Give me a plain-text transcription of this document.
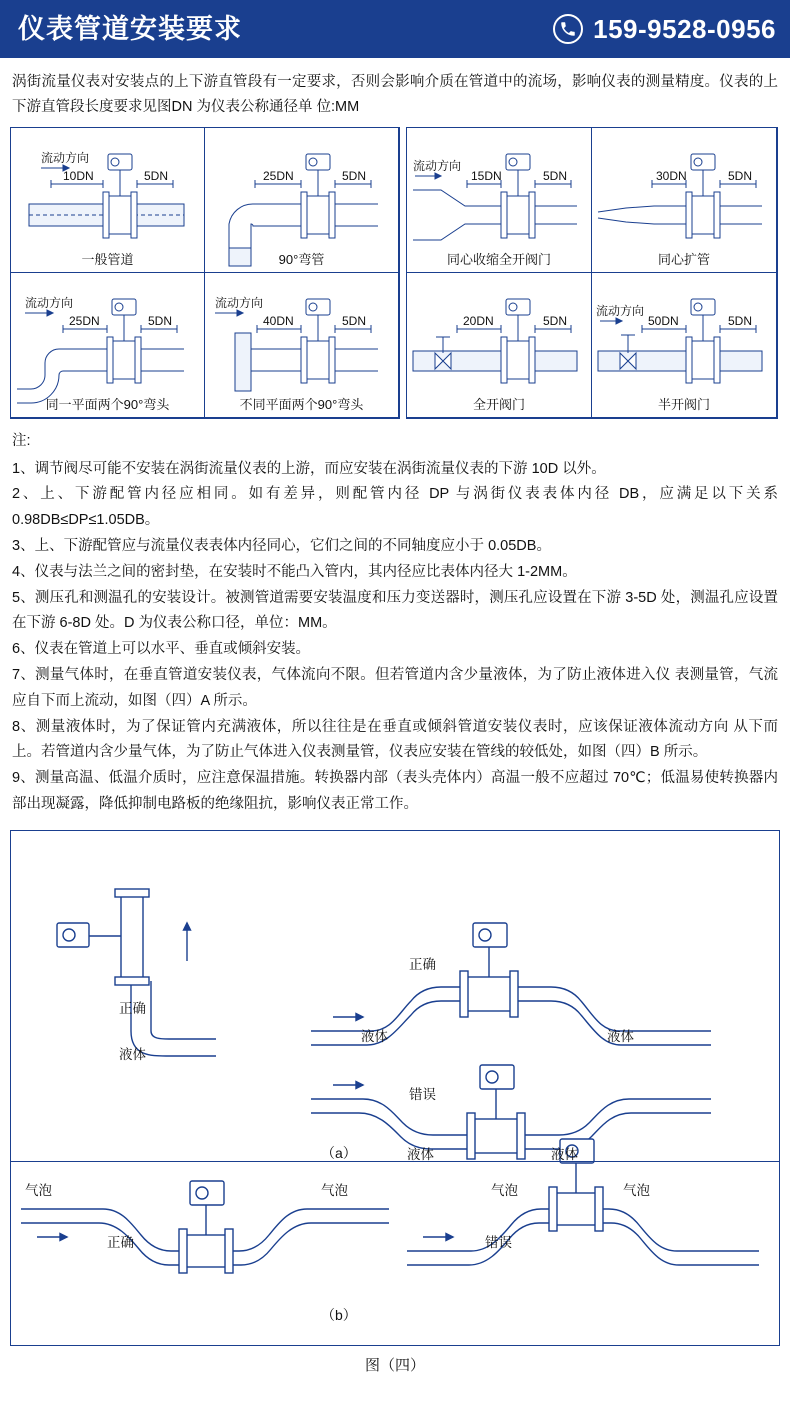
仪表管道安装要求	159-9528-0956
涡街流量仪表对安装点的上下游直管段有一定要求，否则会影响介质在管道中的流场，影响仪表的测量精度。仪表的上下游直管段长度要求见图DN 为仪表公称通径单 位:MM
流动方向
10DN	5DN
一般管道
25DN	5DN
90°弯管
流动方向
25DN	5DN
同一平面两个90°弯头
流动方向
40DN	5DN
不同平面两个90°弯头
流动方向
15DN	5DN
同心收缩全开阀门
30DN	5DN
同心扩管
20DN	5DN
全开阀门
流动方向
50DN	5DN
半开阀门

注:

1、调节阀尽可能不安装在涡街流量仪表的上游，而应安装在涡街流量仪表的下游 10D 以外。

2、上、下游配管内径应相同。如有差异，则配管内径 DP 与涡街仪表表体内径 DB，应满足以下关系 0.98DB≤DP≤1.05DB。

3、上、下游配管应与流量仪表表体内径同心，它们之间的不同轴度应小于 0.05DB。

4、仪表与法兰之间的密封垫，在安装时不能凸入管内，其内径应比表体内径大 1-2MM。

5、测压孔和测温孔的安装设计。被测管道需要安装温度和压力变送器时，测压孔应设置在下游 3-5D 处，测温孔应设置在下游 6-8D 处。D 为仪表公称口径，单位：MM。

6、仪表在管道上可以水平、垂直或倾斜安装。

7、测量气体时，在垂直管道安装仪表，气体流向不限。但若管道内含少量液体，为了防止液体进入仪 表测量管，气流应自下而上流动，如图（四）A 所示。

8、测量液体时，为了保证管内充满液体，所以往往是在垂直或倾斜管道安装仪表时，应该保证液体流动方向 从下而上。若管道内含少量气体，为了防止气体进入仪表测量管，仪表应安装在管线的较低处，如图（四）B 所示。

9、测量高温、低温介质时，应注意保温措施。转换器内部（表头壳体内）高温一般不应超过 70℃；低温易使转换器内部出现凝露，降低抑制电路板的绝缘阻抗，影响仪表正常工作。

正确
液体
正确
液体	液体
错误
液体	液体
（a）
气泡	气泡
正确
气泡	气泡
错误
（b）
图（四）
